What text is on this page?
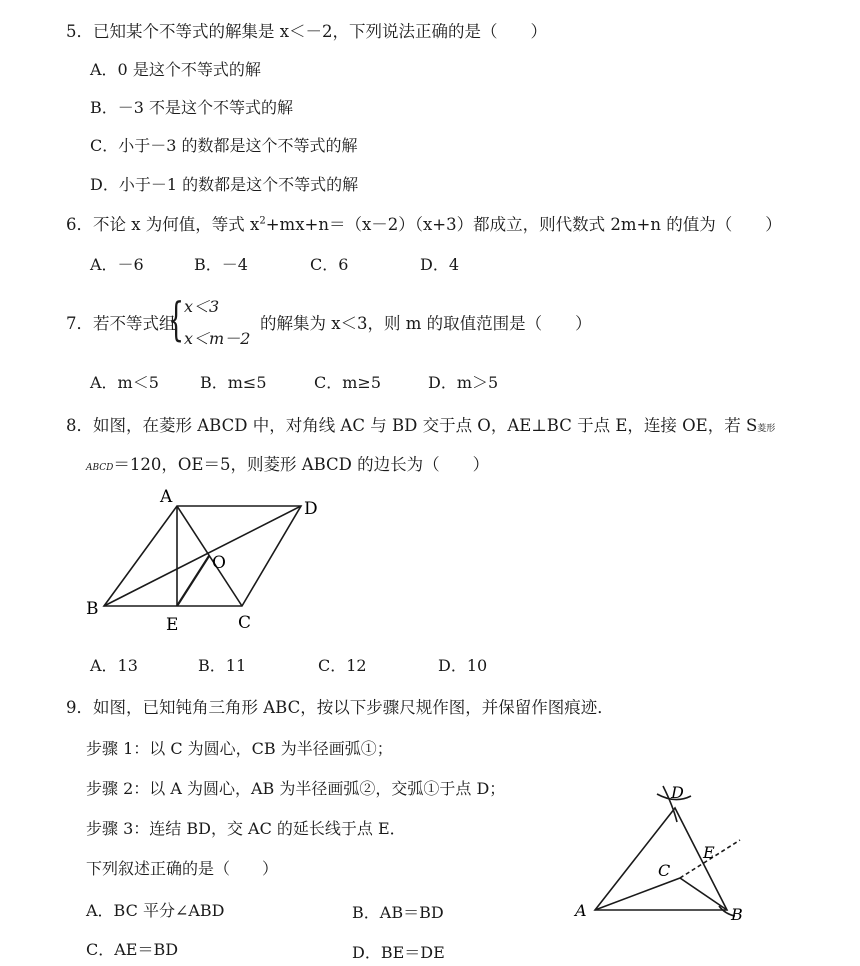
5．已知某个不等式的解集是 x＜－2，下列说法正确的是（　　）
A．0 是这个不等式的解
B．－3 不是这个不等式的解
C．小于－3 的数都是这个不等式的解
D．小于－1 的数都是这个不等式的解
6．不论 x 为何值，等式 $x^2+mx+n=(x-2)(x+3)$都成立，则代数式 2m+n 的值为（　　）
A．－6	B．－4	C．6	D．4
7．若不等式组
{ x＜3
x＜m－2
的解集为 x＜3，则 m 的取值范围是（　　）
A．m＜5	B．m≤5	C．m≥5	D．m＞5
8．如图，在菱形 ABCD 中，对角线 AC 与 BD 交于点 O，AE⊥BC 于点 E，连接 OE，若 S菱形
ABCD＝120，OE＝5，则菱形 ABCD 的边长为（　　）
A
D
O
B
E	C
A．13	B．11	C．12	D．10
9．如图，已知钝角三角形 ABC，按以下步骤尺规作图，并保留作图痕迹．
步骤 1：以 C 为圆心，CB 为半径画弧①；
步骤 2：以 A 为圆心，AB 为半径画弧②，交弧①于点 D；
步骤 3：连结 BD，交 AC 的延长线于点 E．
下列叙述正确的是（　　）
A．BC 平分∠ABD	B．AB＝BD
C．AE＝BD	D．BE＝DE
D
E
C
A	B
